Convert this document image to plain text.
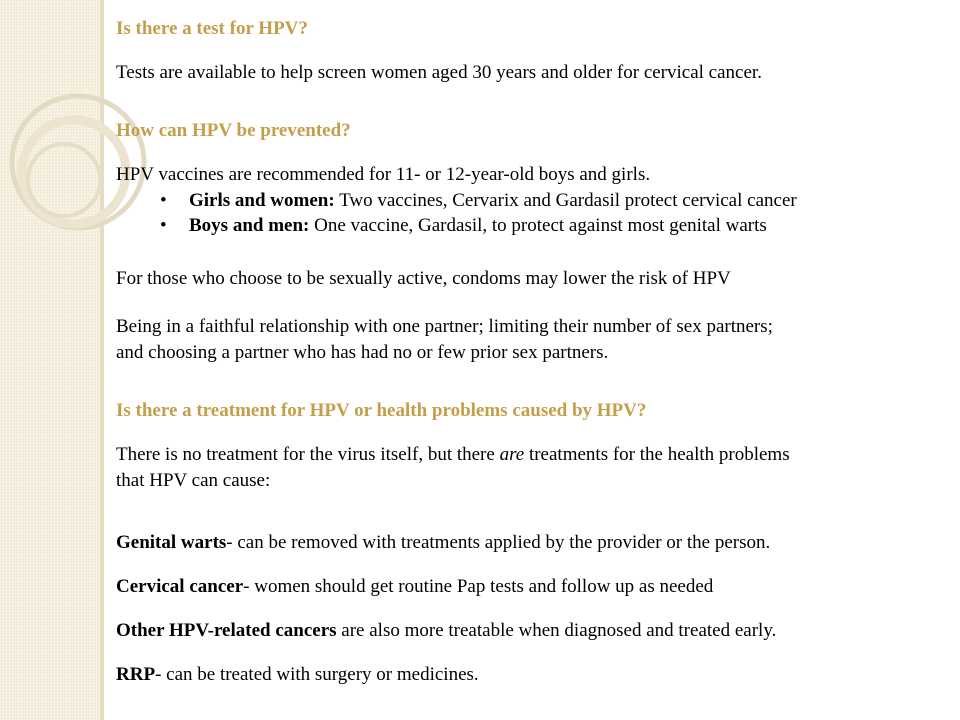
Is there a test for HPV?

Tests are available to help screen women aged 30 years and older for cervical cancer.

How can HPV be prevented?

HPV vaccines are recommended for 11- or 12-year-old boys and girls.

• Girls and women: Two vaccines, Cervarix and Gardasil protect cervical cancer
• Boys and men: One vaccine, Gardasil, to protect against most genital warts

For those who choose to be sexually active, condoms may lower the risk of HPV

Being in a faithful relationship with one partner; limiting their number of sex partners;

and choosing a partner who has had no or few prior sex partners.

Is there a treatment for HPV or health problems caused by HPV?

There is no treatment for the virus itself, but there are treatments for the health problems

that HPV can cause:

Genital warts- can be removed with treatments applied by the provider or the person.

Cervical cancer- women should get routine Pap tests and follow up as needed

Other HPV-related cancers are also more treatable when diagnosed and treated early.

RRP- can be treated with surgery or medicines.
